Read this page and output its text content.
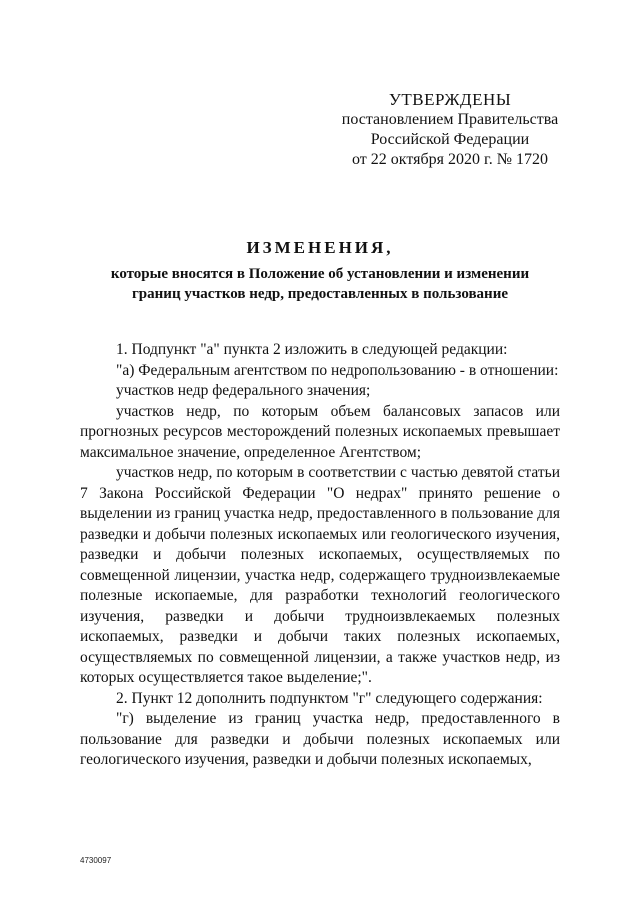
УТВЕРЖДЕНЫ
постановлением Правительства
Российской Федерации
от 22 октября 2020 г. № 1720
ИЗМЕНЕНИЯ,
которые вносятся в Положение об установлении и изменении
границ участков недр, предоставленных в пользование

1. Подпункт "а" пункта 2 изложить в следующей редакции:

"а) Федеральным агентством по недропользованию - в отношении:

участков недр федерального значения;

участков недр, по которым объем балансовых запасов или прогнозных ресурсов месторождений полезных ископаемых превышает максимальное значение, определенное Агентством;

участков недр, по которым в соответствии с частью девятой статьи 7 Закона Российской Федерации "О недрах" принято решение о выделении из границ участка недр, предоставленного в пользование для разведки и добычи полезных ископаемых или геологического изучения, разведки и добычи полезных ископаемых, осуществляемых по совмещенной лицензии, участка недр, содержащего трудноизвлекаемые полезные ископаемые, для разработки технологий геологического изучения, разведки и добычи трудноизвлекаемых полезных ископаемых, разведки и добычи таких полезных ископаемых, осуществляемых по совмещенной лицензии, а также участков недр, из которых осуществляется такое выделение;".

2. Пункт 12 дополнить подпунктом "г" следующего содержания:

"г) выделение из границ участка недр, предоставленного в пользование для разведки и добычи полезных ископаемых или геологического изучения, разведки и добычи полезных ископаемых,

4730097
